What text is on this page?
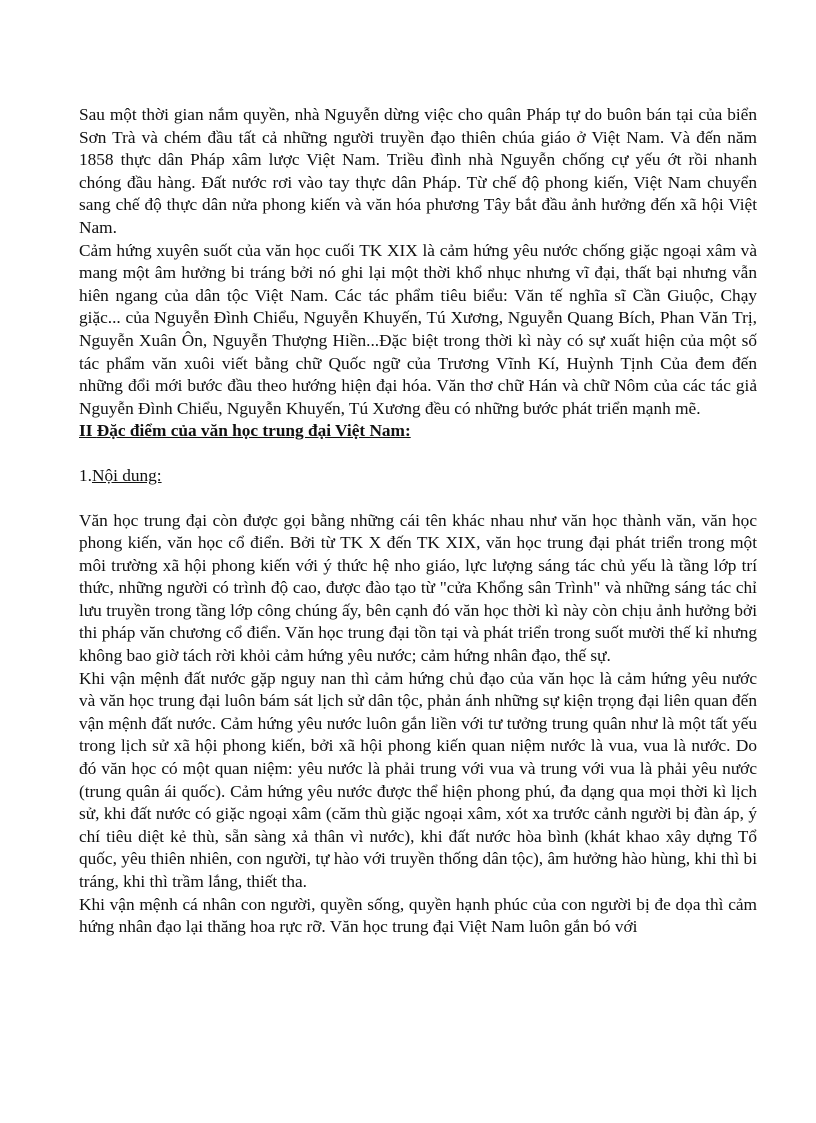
Sau một thời gian nắm quyền, nhà Nguyễn dừng việc cho quân Pháp tự do buôn bán tại của biển Sơn Trà và chém đầu tất cả những người truyền đạo thiên chúa giáo ở Việt Nam. Và đến năm 1858 thực dân Pháp xâm lược Việt Nam. Triều đình nhà Nguyễn chống cự yếu ớt rồi nhanh chóng đầu hàng. Đất nước rơi vào tay thực dân Pháp. Từ chế độ phong kiến, Việt Nam chuyển sang chế độ thực dân nửa phong kiến và văn hóa phương Tây bắt đầu ảnh hưởng đến xã hội Việt Nam.

Cảm hứng xuyên suốt của văn học cuối TK XIX là cảm hứng yêu nước chống giặc ngoại xâm và mang một âm hưởng bi tráng bởi nó ghi lại một thời khổ nhục nhưng vĩ đại, thất bại nhưng vẫn hiên ngang của dân tộc Việt Nam. Các tác phẩm tiêu biểu: Văn tế nghĩa sĩ Cần Giuộc, Chạy giặc... của Nguyễn Đình Chiểu, Nguyễn Khuyến, Tú Xương, Nguyễn Quang Bích, Phan Văn Trị, Nguyễn Xuân Ôn, Nguyễn Thượng Hiền...Đặc biệt trong thời kì này có sự xuất hiện của một số tác phẩm văn xuôi viết bằng chữ Quốc ngữ của Trương Vĩnh Kí, Huỳnh Tịnh Của đem đến những đổi mới bước đầu theo hướng hiện đại hóa. Văn thơ chữ Hán và chữ Nôm của các tác giả Nguyễn Đình Chiểu, Nguyễn Khuyến, Tú Xương đều có những bước phát triển mạnh mẽ.

II Đặc điểm của văn học trung đại Việt Nam:

1.Nội dung:

Văn học trung đại còn được gọi bằng những cái tên khác nhau như văn học thành văn, văn học phong kiến, văn học cổ điển. Bởi từ TK X đến TK XIX, văn học trung đại phát triển trong một môi trường xã hội phong kiến với ý thức hệ nho giáo, lực lượng sáng tác chủ yếu là tầng lớp trí thức, những người có trình độ cao, được đào tạo từ "cửa Khổng sân Trình" và những sáng tác chỉ lưu truyền trong tầng lớp công chúng ấy, bên cạnh đó văn học thời kì này còn chịu ảnh hưởng bởi thi pháp văn chương cổ điển. Văn học trung đại tồn tại và phát triển trong suốt mười thế kỉ nhưng không bao giờ tách rời khỏi cảm hứng yêu nước; cảm hứng nhân đạo, thế sự.

Khi vận mệnh đất nước gặp nguy nan thì cảm hứng chủ đạo của văn học là cảm hứng yêu nước và văn học trung đại luôn bám sát lịch sử dân tộc, phản ánh những sự kiện trọng đại liên quan đến vận mệnh đất nước. Cảm hứng yêu nước luôn gắn liền với tư tưởng trung quân như là một tất yếu trong lịch sử xã hội phong kiến, bởi xã hội phong kiến quan niệm nước là vua, vua là nước. Do đó văn học có một quan niệm: yêu nước là phải trung với vua và trung với vua là phải yêu nước (trung quân ái quốc). Cảm hứng yêu nước được thể hiện phong phú, đa dạng qua mọi thời kì lịch sử, khi đất nước có giặc ngoại xâm (căm thù giặc ngoại xâm, xót xa trước cảnh người bị đàn áp, ý chí tiêu diệt kẻ thù, sẵn sàng xả thân vì nước), khi đất nước hòa bình (khát khao xây dựng Tổ quốc, yêu thiên nhiên, con người, tự hào với truyền thống dân tộc), âm hưởng hào hùng, khi thì bi tráng, khi thì trầm lắng, thiết tha.

Khi vận mệnh cá nhân con người, quyền sống, quyền hạnh phúc của con người bị đe dọa thì cảm hứng nhân đạo lại thăng hoa rực rỡ. Văn học trung đại Việt Nam luôn gắn bó với
